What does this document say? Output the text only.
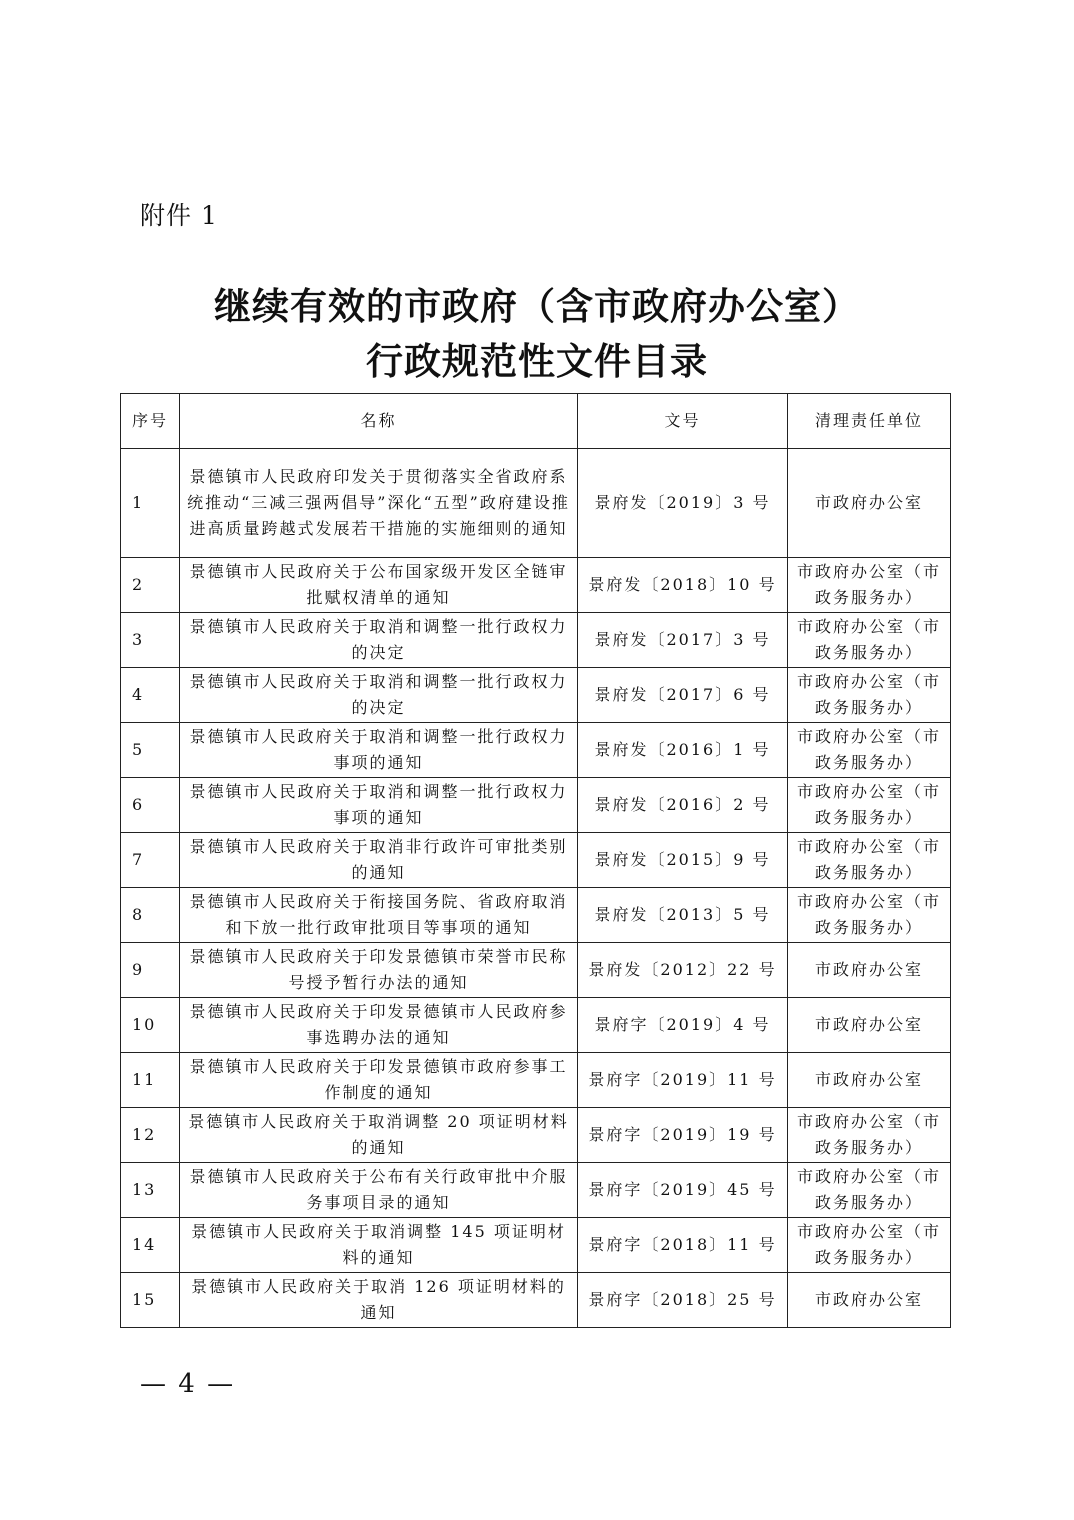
附件 1
继续有效的市政府（含市政府办公室）
行政规范性文件目录
序号	名称	文号	清理责任单位
1	景德镇市人民政府印发关于贯彻落实全省政府系统推动“三减三强两倡导”深化“五型”政府建设推进高质量跨越式发展若干措施的实施细则的通知	景府发〔2019〕3 号	市政府办公室
2	景德镇市人民政府关于公布国家级开发区全链审批赋权清单的通知	景府发〔2018〕10 号	市政府办公室（市政务服务办）
3	景德镇市人民政府关于取消和调整一批行政权力的决定	景府发〔2017〕3 号	市政府办公室（市政务服务办）
4	景德镇市人民政府关于取消和调整一批行政权力的决定	景府发〔2017〕6 号	市政府办公室（市政务服务办）
5	景德镇市人民政府关于取消和调整一批行政权力事项的通知	景府发〔2016〕1 号	市政府办公室（市政务服务办）
6	景德镇市人民政府关于取消和调整一批行政权力事项的通知	景府发〔2016〕2 号	市政府办公室（市政务服务办）
7	景德镇市人民政府关于取消非行政许可审批类别的通知	景府发〔2015〕9 号	市政府办公室（市政务服务办）
8	景德镇市人民政府关于衔接国务院、省政府取消和下放一批行政审批项目等事项的通知	景府发〔2013〕5 号	市政府办公室（市政务服务办）
9	景德镇市人民政府关于印发景德镇市荣誉市民称号授予暂行办法的通知	景府发〔2012〕22 号	市政府办公室
10	景德镇市人民政府关于印发景德镇市人民政府参事选聘办法的通知	景府字〔2019〕4 号	市政府办公室
11	景德镇市人民政府关于印发景德镇市政府参事工作制度的通知	景府字〔2019〕11 号	市政府办公室
12	景德镇市人民政府关于取消调整 20 项证明材料的通知	景府字〔2019〕19 号	市政府办公室（市政务服务办）
13	景德镇市人民政府关于公布有关行政审批中介服务事项目录的通知	景府字〔2019〕45 号	市政府办公室（市政务服务办）
14	景德镇市人民政府关于取消调整 145 项证明材料的通知	景府字〔2018〕11 号	市政府办公室（市政务服务办）
15	景德镇市人民政府关于取消 126 项证明材料的通知	景府字〔2018〕25 号	市政府办公室
— 4 —
